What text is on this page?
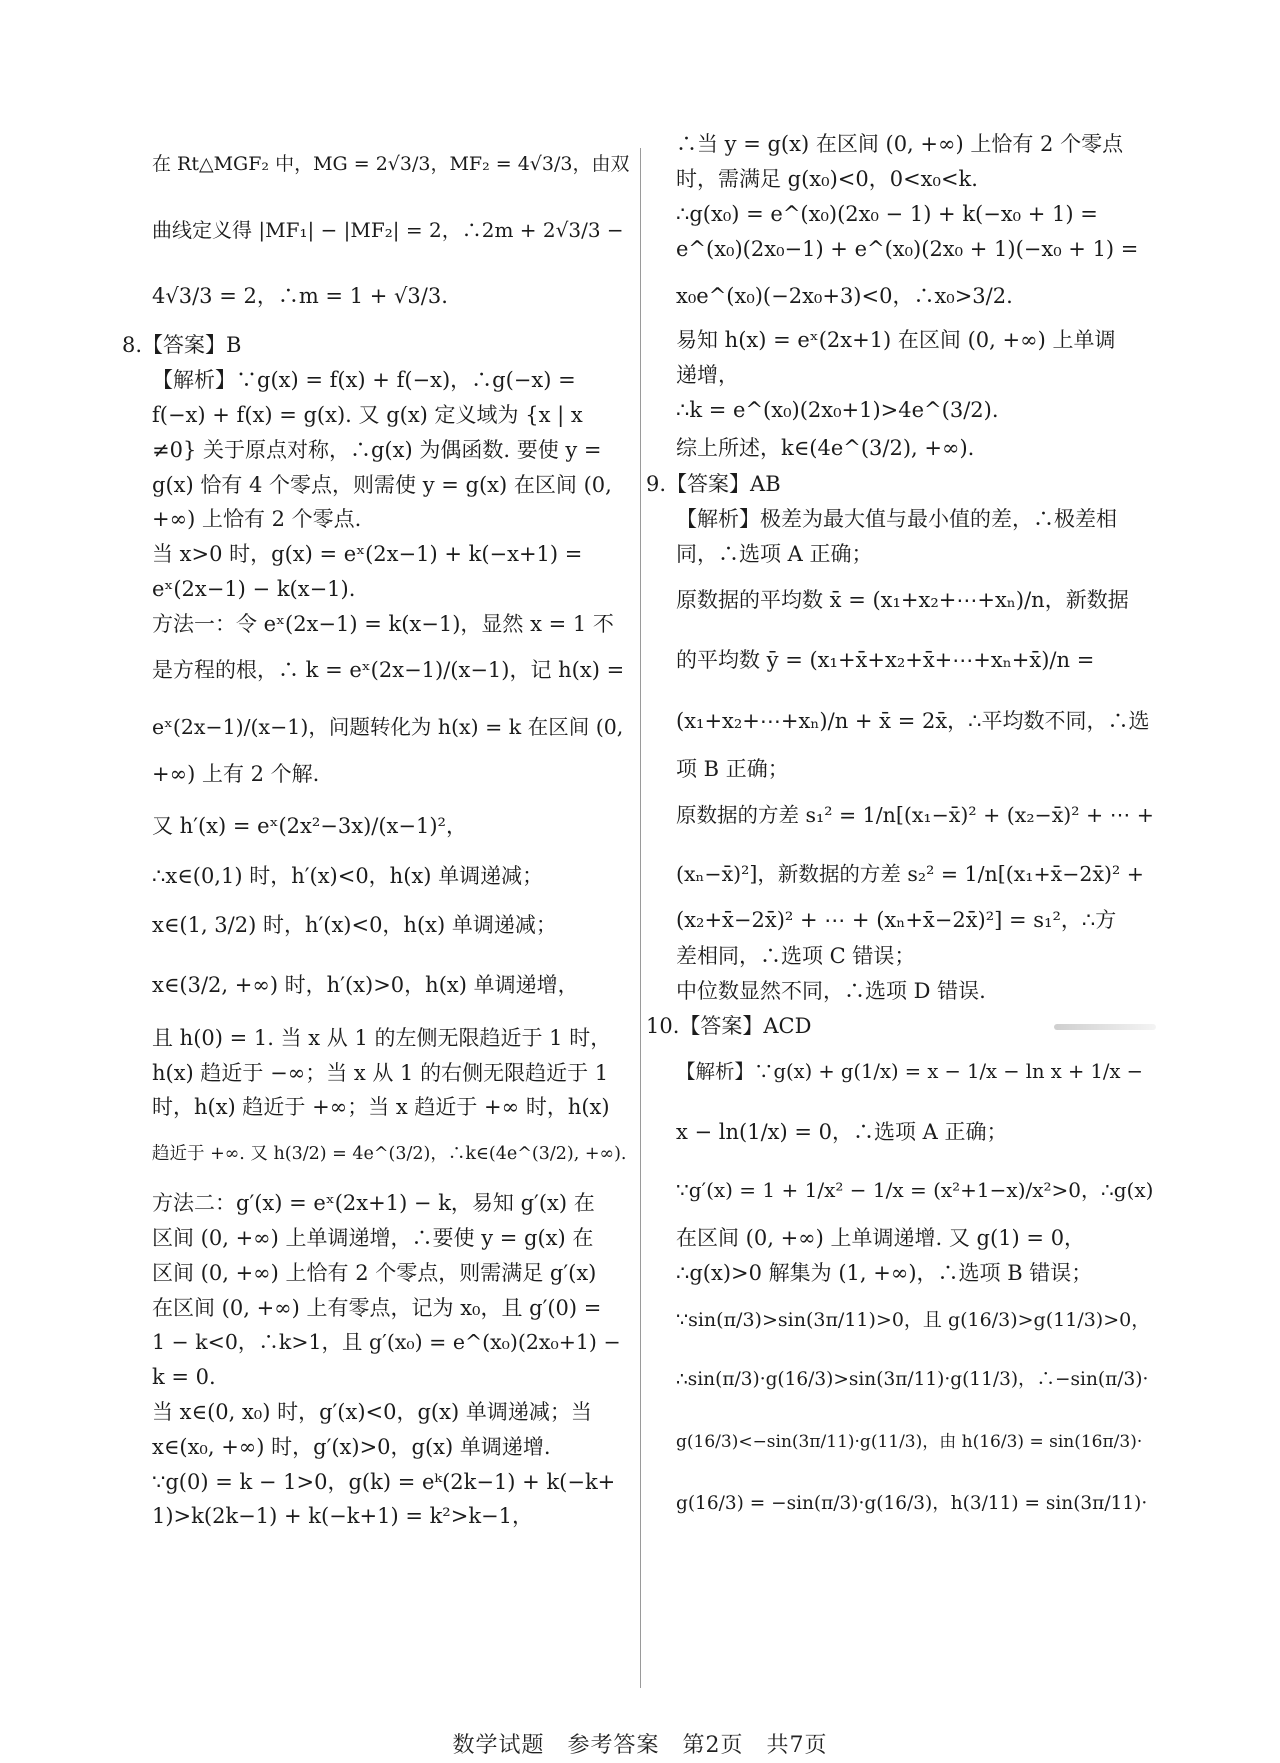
在 Rt△MGF₂ 中，MG = 2√3/3，MF₂ = 4√3/3，由双
曲线定义得 |MF₁| − |MF₂| = 2，∴2m + 2√3/3 −
4√3/3 = 2，∴m = 1 + √3/3.
8.【答案】B
【解析】∵g(x) = f(x) + f(−x)，∴g(−x) =
f(−x) + f(x) = g(x). 又 g(x) 定义域为 {x | x
≠0} 关于原点对称，∴g(x) 为偶函数. 要使 y =
g(x) 恰有 4 个零点，则需使 y = g(x) 在区间 (0,
+∞) 上恰有 2 个零点.
当 x>0 时，g(x) = eˣ(2x−1) + k(−x+1) =
eˣ(2x−1) − k(x−1).
方法一：令 eˣ(2x−1) = k(x−1)，显然 x = 1 不
是方程的根，∴ k = eˣ(2x−1)/(x−1)，记 h(x) =
eˣ(2x−1)/(x−1)，问题转化为 h(x) = k 在区间 (0,
+∞) 上有 2 个解.
又 h′(x) = eˣ(2x²−3x)/(x−1)²，
∴x∈(0,1) 时，h′(x)<0，h(x) 单调递减；
x∈(1, 3/2) 时，h′(x)<0，h(x) 单调递减；
x∈(3/2, +∞) 时，h′(x)>0，h(x) 单调递增，
且 h(0) = 1. 当 x 从 1 的左侧无限趋近于 1 时，
h(x) 趋近于 −∞；当 x 从 1 的右侧无限趋近于 1
时，h(x) 趋近于 +∞；当 x 趋近于 +∞ 时，h(x)
趋近于 +∞. 又 h(3/2) = 4e^(3/2)，∴k∈(4e^(3/2), +∞).
方法二：g′(x) = eˣ(2x+1) − k，易知 g′(x) 在
区间 (0, +∞) 上单调递增，∴要使 y = g(x) 在
区间 (0, +∞) 上恰有 2 个零点，则需满足 g′(x)
在区间 (0, +∞) 上有零点，记为 x₀，且 g′(0) =
1 − k<0，∴k>1，且 g′(x₀) = e^(x₀)(2x₀+1) −
k = 0.
当 x∈(0, x₀) 时，g′(x)<0，g(x) 单调递减；当
x∈(x₀, +∞) 时，g′(x)>0，g(x) 单调递增.
∵g(0) = k − 1>0，g(k) = eᵏ(2k−1) + k(−k+
1)>k(2k−1) + k(−k+1) = k²>k−1，
∴当 y = g(x) 在区间 (0, +∞) 上恰有 2 个零点
时，需满足 g(x₀)<0，0<x₀<k.
∴g(x₀) = e^(x₀)(2x₀ − 1) + k(−x₀ + 1) =
e^(x₀)(2x₀−1) + e^(x₀)(2x₀ + 1)(−x₀ + 1) =
x₀e^(x₀)(−2x₀+3)<0，∴x₀>3/2.
易知 h(x) = eˣ(2x+1) 在区间 (0, +∞) 上单调
递增，
∴k = e^(x₀)(2x₀+1)>4e^(3/2).
综上所述，k∈(4e^(3/2), +∞).
9.【答案】AB
【解析】极差为最大值与最小值的差，∴极差相
同，∴选项 A 正确；
原数据的平均数 x̄ = (x₁+x₂+⋯+xₙ)/n，新数据
的平均数 ȳ = (x₁+x̄+x₂+x̄+⋯+xₙ+x̄)/n =
(x₁+x₂+⋯+xₙ)/n + x̄ = 2x̄，∴平均数不同，∴选
项 B 正确；
原数据的方差 s₁² = 1/n[(x₁−x̄)² + (x₂−x̄)² + ⋯ +
(xₙ−x̄)²]，新数据的方差 s₂² = 1/n[(x₁+x̄−2x̄)² +
(x₂+x̄−2x̄)² + ⋯ + (xₙ+x̄−2x̄)²] = s₁²，∴方
差相同，∴选项 C 错误；
中位数显然不同，∴选项 D 错误.
10.【答案】ACD
【解析】∵g(x) + g(1/x) = x − 1/x − ln x + 1/x −
x − ln(1/x) = 0，∴选项 A 正确；
∵g′(x) = 1 + 1/x² − 1/x = (x²+1−x)/x²>0，∴g(x)
在区间 (0, +∞) 上单调递增. 又 g(1) = 0，
∴g(x)>0 解集为 (1, +∞)，∴选项 B 错误；
∵sin(π/3)>sin(3π/11)>0，且 g(16/3)>g(11/3)>0，
∴sin(π/3)·g(16/3)>sin(3π/11)·g(11/3)，∴−sin(π/3)·
g(16/3)<−sin(3π/11)·g(11/3)，由 h(16/3) = sin(16π/3)·
g(16/3) = −sin(π/3)·g(16/3)，h(3/11) = sin(3π/11)·
数学试题　参考答案　第2页　共7页
